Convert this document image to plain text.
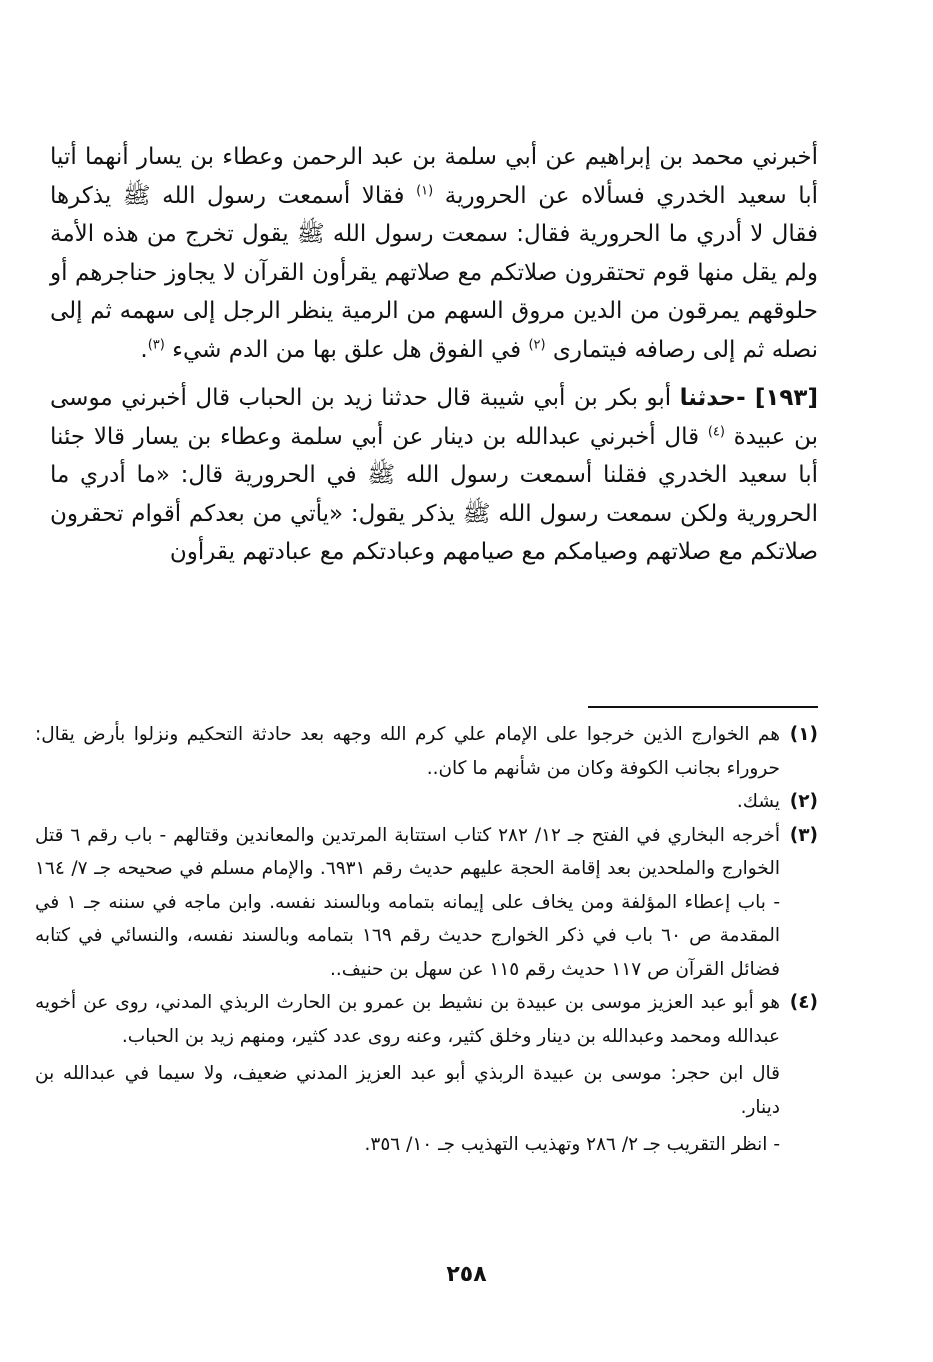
أخبرني محمد بن إبراهيم عن أبي سلمة بن عبد الرحمن وعطاء بن يسار أنهما أتيا أبا سعيد الخدري فسألاه عن الحرورية $^{(١)}$ فقالا أسمعت رسول الله ﷺ يذكرها فقال لا أدري ما الحرورية فقال: سمعت رسول الله ﷺ يقول تخرج من هذه الأمة ولم يقل منها قوم تحتقرون صلاتكم مع صلاتهم يقرأون القرآن لا يجاوز حناجرهم أو حلوقهم يمرقون من الدين مروق السهم من الرمية ينظر الرجل إلى سهمه ثم إلى نصله ثم إلى رصافه فيتمارى $^{(٢)}$ في الفوق هل علق بها من الدم شيء $^{(٣)}$.

[١٩٣] -حدثنا أبو بكر بن أبي شيبة قال حدثنا زيد بن الحباب قال أخبرني موسى بن عبيدة $^{(٤)}$ قال أخبرني عبدالله بن دينار عن أبي سلمة وعطاء بن يسار قالا جئنا أبا سعيد الخدري فقلنا أسمعت رسول الله ﷺ في الحرورية قال: «ما أدري ما الحرورية ولكن سمعت رسول الله ﷺ يذكر يقول: «يأتي من بعدكم أقوام تحقرون صلاتكم مع صلاتهم وصيامكم مع صيامهم وعبادتكم مع عبادتهم يقرأون

(١)

هم الخوارج الذين خرجوا على الإمام علي كرم الله وجهه بعد حادثة التحكيم ونزلوا بأرض يقال: حروراء بجانب الكوفة وكان من شأنهم ما كان..

(٢)

يشك.

(٣)

أخرجه البخاري في الفتح جـ ١٢/ ٢٨٢ كتاب استتابة المرتدين والمعاندين وقتالهم - باب رقم ٦ قتل الخوارج والملحدين بعد إقامة الحجة عليهم حديث رقم ٦٩٣١. والإمام مسلم في صحيحه جـ ٧/ ١٦٤ - باب إعطاء المؤلفة ومن يخاف على إيمانه بتمامه وبالسند نفسه. وابن ماجه في سننه جـ ١ في المقدمة ص ٦٠ باب في ذكر الخوارج حديث رقم ١٦٩ بتمامه وبالسند نفسه، والنسائي في كتابه فضائل القرآن ص ١١٧ حديث رقم ١١٥ عن سهل بن حنيف..

(٤)

هو أبو عبد العزيز موسى بن عبيدة بن نشيط بن عمرو بن الحارث الربذي المدني، روى عن أخويه عبدالله ومحمد وعبدالله بن دينار وخلق كثير، وعنه روى عدد كثير، ومنهم زيد بن الحباب.

قال ابن حجر: موسى بن عبيدة الربذي أبو عبد العزيز المدني ضعيف، ولا سيما في عبدالله بن دينار.

- انظر التقريب جـ ٢/ ٢٨٦ وتهذيب التهذيب جـ ١٠/ ٣٥٦.

٢٥٨
